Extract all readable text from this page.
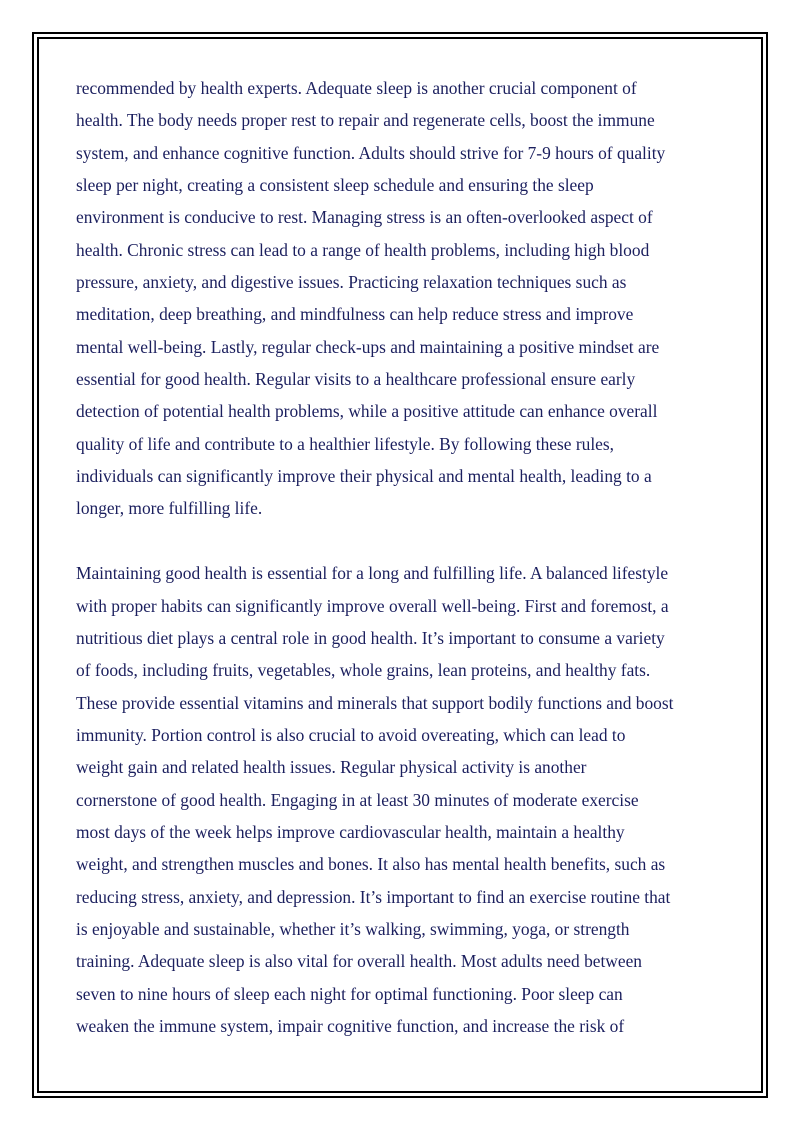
recommended by health experts. Adequate sleep is another crucial component of
health. The body needs proper rest to repair and regenerate cells, boost the immune
system, and enhance cognitive function. Adults should strive for 7-9 hours of quality
sleep per night, creating a consistent sleep schedule and ensuring the sleep
environment is conducive to rest. Managing stress is an often-overlooked aspect of
health. Chronic stress can lead to a range of health problems, including high blood
pressure, anxiety, and digestive issues. Practicing relaxation techniques such as
meditation, deep breathing, and mindfulness can help reduce stress and improve
mental well-being. Lastly, regular check-ups and maintaining a positive mindset are
essential for good health. Regular visits to a healthcare professional ensure early
detection of potential health problems, while a positive attitude can enhance overall
quality of life and contribute to a healthier lifestyle. By following these rules,
individuals can significantly improve their physical and mental health, leading to a
longer, more fulfilling life.

Maintaining good health is essential for a long and fulfilling life. A balanced lifestyle
with proper habits can significantly improve overall well-being. First and foremost, a
nutritious diet plays a central role in good health. It’s important to consume a variety
of foods, including fruits, vegetables, whole grains, lean proteins, and healthy fats.
These provide essential vitamins and minerals that support bodily functions and boost
immunity. Portion control is also crucial to avoid overeating, which can lead to
weight gain and related health issues. Regular physical activity is another
cornerstone of good health. Engaging in at least 30 minutes of moderate exercise
most days of the week helps improve cardiovascular health, maintain a healthy
weight, and strengthen muscles and bones. It also has mental health benefits, such as
reducing stress, anxiety, and depression. It’s important to find an exercise routine that
is enjoyable and sustainable, whether it’s walking, swimming, yoga, or strength
training. Adequate sleep is also vital for overall health. Most adults need between
seven to nine hours of sleep each night for optimal functioning. Poor sleep can
weaken the immune system, impair cognitive function, and increase the risk of
